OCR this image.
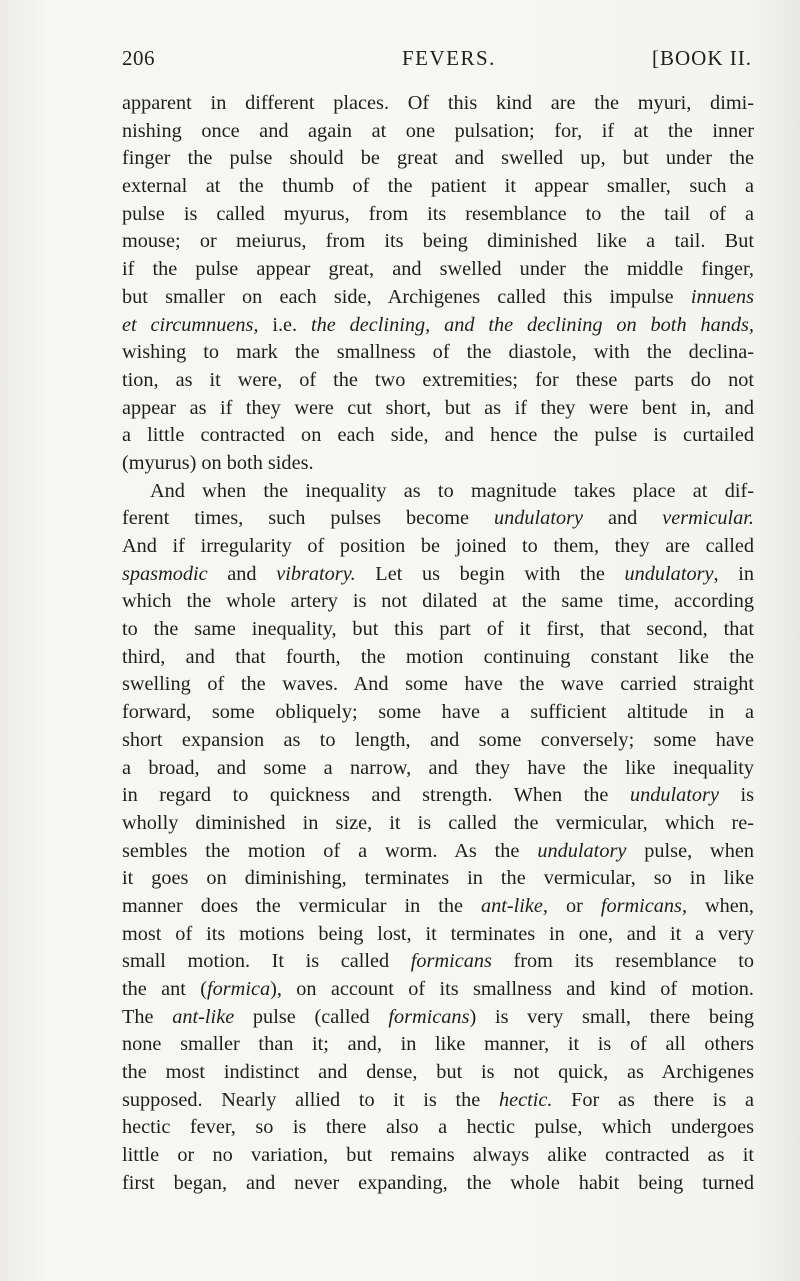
206	FEVERS.	[BOOK II.
apparent in different places. Of this kind are the myuri, dimi-
nishing once and again at one pulsation; for, if at the inner
finger the pulse should be great and swelled up, but under the
external at the thumb of the patient it appear smaller, such a
pulse is called myurus, from its resemblance to the tail of a
mouse; or meiurus, from its being diminished like a tail. But
if the pulse appear great, and swelled under the middle finger,
but smaller on each side, Archigenes called this impulse innuens
et circumnuens, i.e. the declining, and the declining on both hands,
wishing to mark the smallness of the diastole, with the declina-
tion, as it were, of the two extremities; for these parts do not
appear as if they were cut short, but as if they were bent in, and
a little contracted on each side, and hence the pulse is curtailed
(myurus) on both sides.
And when the inequality as to magnitude takes place at dif-
ferent times, such pulses become undulatory and vermicular.
And if irregularity of position be joined to them, they are called
spasmodic and vibratory. Let us begin with the undulatory, in
which the whole artery is not dilated at the same time, according
to the same inequality, but this part of it first, that second, that
third, and that fourth, the motion continuing constant like the
swelling of the waves. And some have the wave carried straight
forward, some obliquely; some have a sufficient altitude in a
short expansion as to length, and some conversely; some have
a broad, and some a narrow, and they have the like inequality
in regard to quickness and strength. When the undulatory is
wholly diminished in size, it is called the vermicular, which re-
sembles the motion of a worm. As the undulatory pulse, when
it goes on diminishing, terminates in the vermicular, so in like
manner does the vermicular in the ant-like, or formicans, when,
most of its motions being lost, it terminates in one, and it a very
small motion. It is called formicans from its resemblance to
the ant (formica), on account of its smallness and kind of motion.
The ant-like pulse (called formicans) is very small, there being
none smaller than it; and, in like manner, it is of all others
the most indistinct and dense, but is not quick, as Archigenes
supposed. Nearly allied to it is the hectic. For as there is a
hectic fever, so is there also a hectic pulse, which undergoes
little or no variation, but remains always alike contracted as it
first began, and never expanding, the whole habit being turned
